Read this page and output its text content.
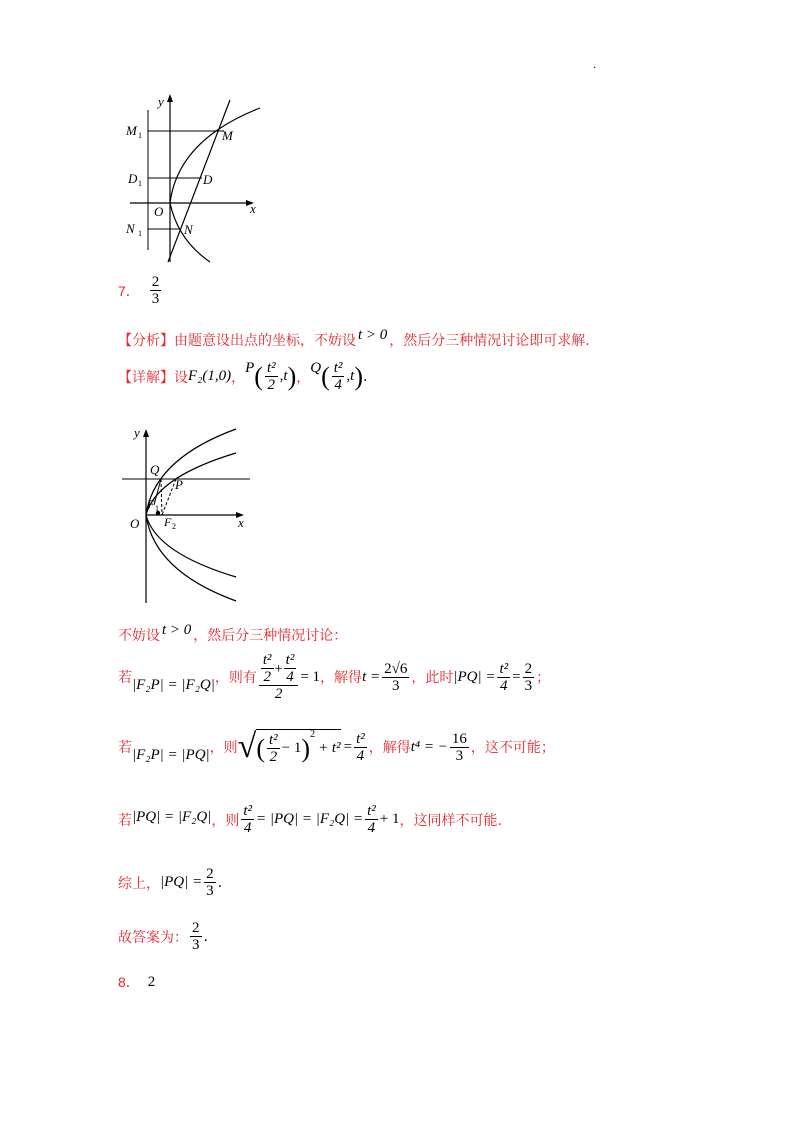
.
y
x
O
M 1	M
D 1	D
N 1	N
7． $\frac{2}{3}$
【分析】 由题意设出点的坐标，不妨设 t > 0 ，然后分三种情况讨论即可求解.
【详解】 设 F₂(1,0) ，
P ( $\frac{\text{t²}}{2} ,t$ ) ，
Q ( $\frac{\text{t²}}{4} ,t$ ) .
Q
P
F 1
F 2
y
x
O
不妨设 t > 0 ，然后分三种情况讨论：
若 |F₂P| = |F₂Q| ，则有 $\frac{\frac{\text{t²}}{2} + \frac{\text{t²}}{4}}{2} = 1$ ，解得 $t = \frac{2√6}{3}$ ，此时 $|PQ| = \frac{\text{t²}}{4} = \frac{2}{3}$ ；
若 |F₂P| = |PQ| ，则 √ ( $\frac{\text{t²}}{2} - 1$ ) 2
+ $t^2 = \frac{\text{t²}}{4}$ ，解得 t⁴ = − $\frac{16}{3}$ ，这不可能；
若 |PQ| = |F₂Q| ，则 $\frac{\text{t²}}{4} = |PQ| = |F_2Q| = \frac{\text{t²}}{4} + 1$ ，这同样不可能.
综上， $|PQ| = \frac{2}{3}$ .
故答案为： $\frac{2}{3}$ .
8． 2
